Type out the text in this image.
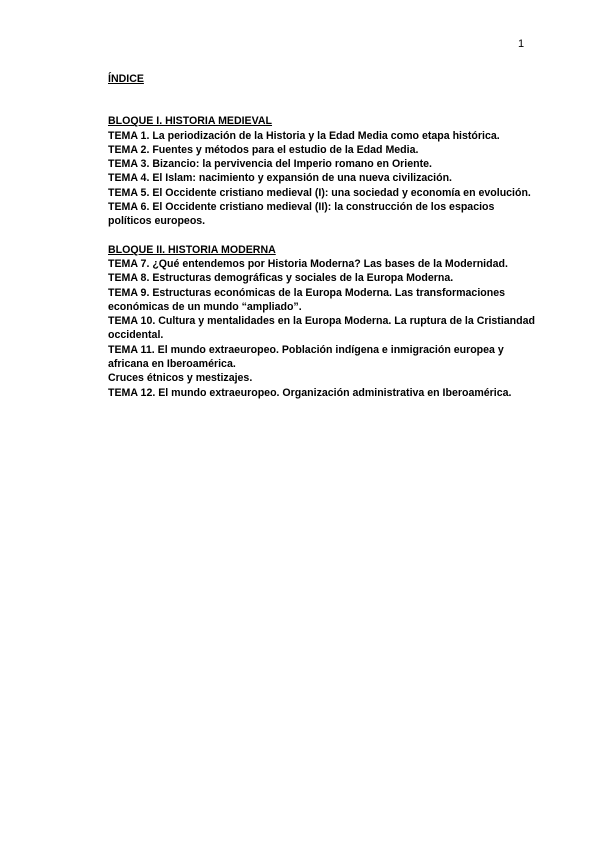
1
ÍNDICE
BLOQUE I. HISTORIA MEDIEVAL
TEMA 1. La periodización de la Historia y la Edad Media como etapa histórica.
TEMA 2. Fuentes y métodos para el estudio de la Edad Media.
TEMA 3. Bizancio: la pervivencia del Imperio romano en Oriente.
TEMA 4. El Islam: nacimiento y expansión de una nueva civilización.
TEMA 5. El Occidente cristiano medieval (I): una sociedad y economía en evolución.
TEMA 6. El Occidente cristiano medieval (II): la construcción de los espacios políticos europeos.
BLOQUE II. HISTORIA MODERNA
TEMA 7. ¿Qué entendemos por Historia Moderna? Las bases de la Modernidad.
TEMA 8. Estructuras demográficas y sociales de la Europa Moderna.
TEMA 9. Estructuras económicas de la Europa Moderna. Las transformaciones económicas de un mundo “ampliado”.
TEMA 10. Cultura y mentalidades en la Europa Moderna. La ruptura de la Cristiandad occidental.
TEMA 11. El mundo extraeuropeo. Población indígena e inmigración europea y africana en Iberoamérica.
Cruces étnicos y mestizajes.
TEMA 12. El mundo extraeuropeo. Organización administrativa en Iberoamérica.
